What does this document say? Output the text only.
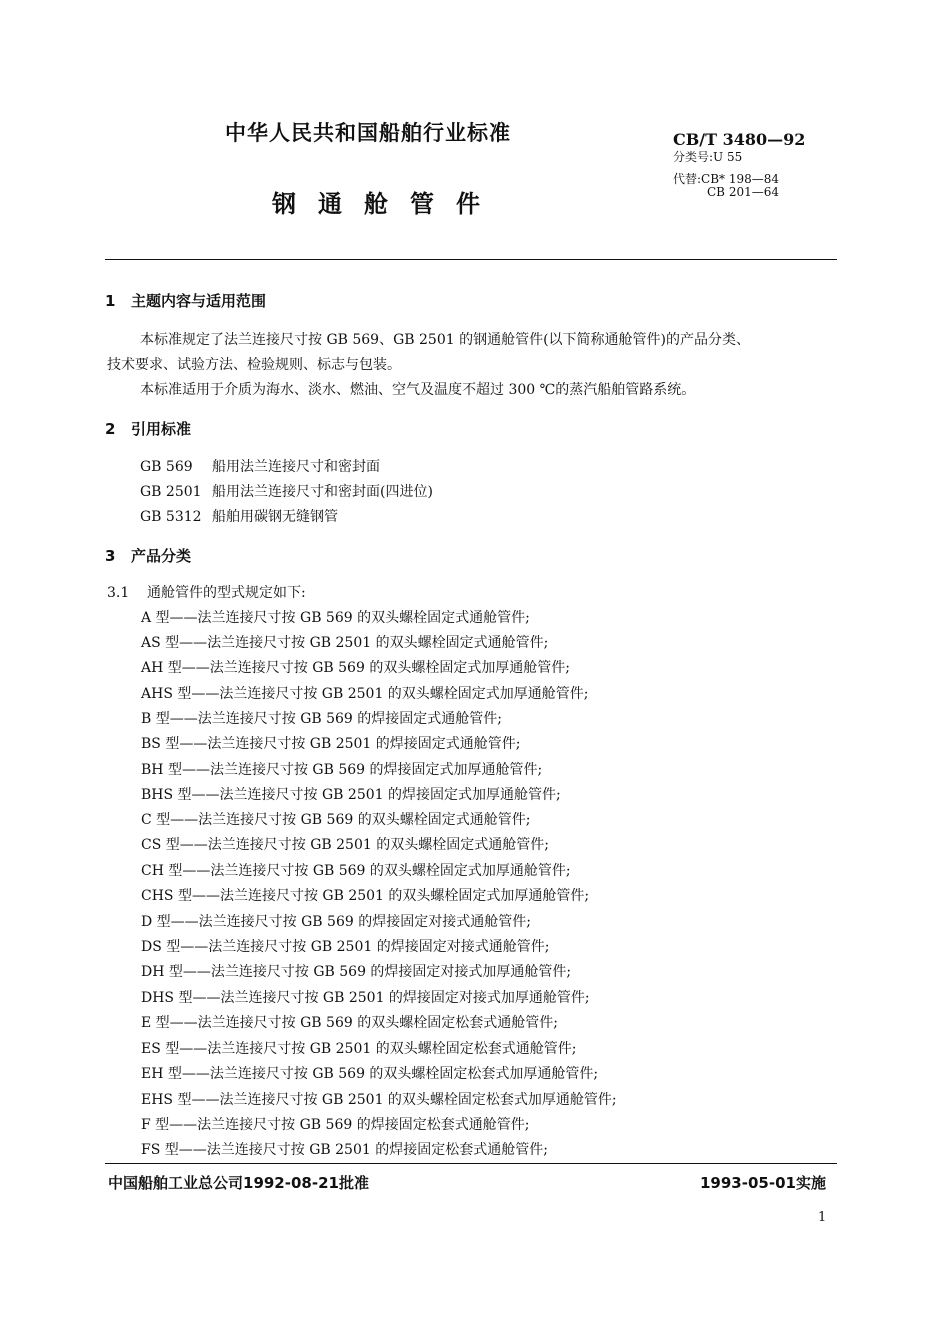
中华人民共和国船舶行业标准
钢通舱管件
CB/T 3480—92
分类号:U 55
代替:CB* 198—84
CB 201—64
1 主题内容与适用范围
本标准规定了法兰连接尺寸按 GB 569、GB 2501 的钢通舱管件(以下简称通舱管件)的产品分类、
技术要求、试验方法、检验规则、标志与包装。
本标准适用于介质为海水、淡水、燃油、空气及温度不超过 300 ℃的蒸汽船舶管路系统。
2 引用标准
GB 569 船用法兰连接尺寸和密封面
GB 2501 船用法兰连接尺寸和密封面(四进位)
GB 5312 船舶用碳钢无缝钢管
3 产品分类
3.1 通舱管件的型式规定如下:
A 型——法兰连接尺寸按 GB 569 的双头螺栓固定式通舱管件;
AS 型——法兰连接尺寸按 GB 2501 的双头螺栓固定式通舱管件;
AH 型——法兰连接尺寸按 GB 569 的双头螺栓固定式加厚通舱管件;
AHS 型——法兰连接尺寸按 GB 2501 的双头螺栓固定式加厚通舱管件;
B 型——法兰连接尺寸按 GB 569 的焊接固定式通舱管件;
BS 型——法兰连接尺寸按 GB 2501 的焊接固定式通舱管件;
BH 型——法兰连接尺寸按 GB 569 的焊接固定式加厚通舱管件;
BHS 型——法兰连接尺寸按 GB 2501 的焊接固定式加厚通舱管件;
C 型——法兰连接尺寸按 GB 569 的双头螺栓固定式通舱管件;
CS 型——法兰连接尺寸按 GB 2501 的双头螺栓固定式通舱管件;
CH 型——法兰连接尺寸按 GB 569 的双头螺栓固定式加厚通舱管件;
CHS 型——法兰连接尺寸按 GB 2501 的双头螺栓固定式加厚通舱管件;
D 型——法兰连接尺寸按 GB 569 的焊接固定对接式通舱管件;
DS 型——法兰连接尺寸按 GB 2501 的焊接固定对接式通舱管件;
DH 型——法兰连接尺寸按 GB 569 的焊接固定对接式加厚通舱管件;
DHS 型——法兰连接尺寸按 GB 2501 的焊接固定对接式加厚通舱管件;
E 型——法兰连接尺寸按 GB 569 的双头螺栓固定松套式通舱管件;
ES 型——法兰连接尺寸按 GB 2501 的双头螺栓固定松套式通舱管件;
EH 型——法兰连接尺寸按 GB 569 的双头螺栓固定松套式加厚通舱管件;
EHS 型——法兰连接尺寸按 GB 2501 的双头螺栓固定松套式加厚通舱管件;
F 型——法兰连接尺寸按 GB 569 的焊接固定松套式通舱管件;
FS 型——法兰连接尺寸按 GB 2501 的焊接固定松套式通舱管件;
中国船舶工业总公司1992-08-21批准	1993-05-01实施
1
